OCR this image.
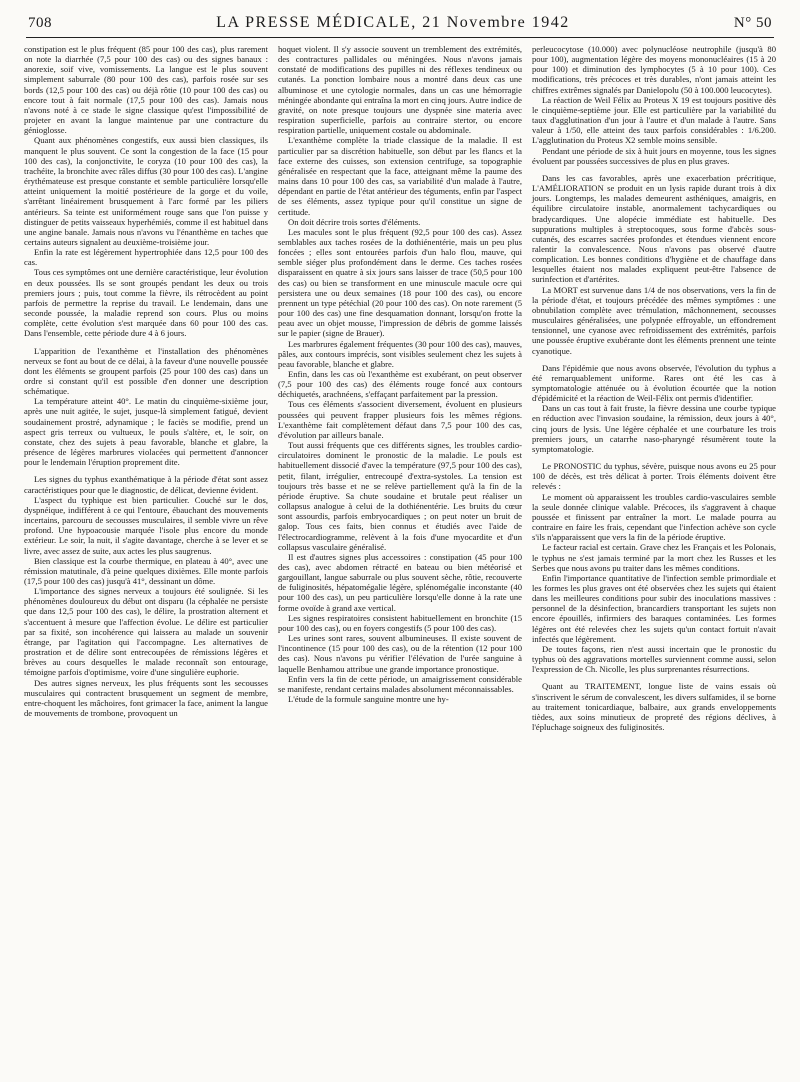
708	LA PRESSE MÉDICALE, 21 Novembre 1942	N° 50

constipation est le plus fréquent (85 pour 100 des cas), plus rarement on note la diarrhée (7,5 pour 100 des cas) ou des signes banaux : anorexie, soif vive, vomissements. La langue est le plus souvent simplement saburrale (80 pour 100 des cas), parfois rosée sur ses bords (12,5 pour 100 des cas) ou déjà rôtie (10 pour 100 des cas) ou encore tout à fait normale (17,5 pour 100 des cas). Jamais nous n'avons noté à ce stade le signe classique qu'est l'impossibilité de projeter en avant la langue maintenue par une contracture du génioglosse.

Quant aux phénomènes congestifs, eux aussi bien classiques, ils manquent le plus souvent. Ce sont la congestion de la face (15 pour 100 des cas), la conjonctivite, le coryza (10 pour 100 des cas), la trachéite, la bronchite avec râles diffus (30 pour 100 des cas). L'angine érythémateuse est presque constante et semble particulière lorsqu'elle atteint uniquement la moitié postérieure de la gorge et du voile, s'arrêtant linéairement brusquement à l'arc formé par les piliers antérieurs. Sa teinte est uniformément rouge sans que l'on puisse y distinguer de petits vaisseaux hyperhémiés, comme il est habituel dans une angine banale. Jamais nous n'avons vu l'énanthème en taches que certains auteurs signalent au deuxième-troisième jour.

Enfin la rate est légèrement hypertrophiée dans 12,5 pour 100 des cas.

Tous ces symptômes ont une dernière caractéristique, leur évolution en deux poussées. Ils se sont groupés pendant les deux ou trois premiers jours ; puis, tout comme la fièvre, ils rétrocèdent au point parfois de permettre la reprise du travail. Le lendemain, dans une seconde poussée, la maladie reprend son cours. Plus ou moins complète, cette évolution s'est marquée dans 60 pour 100 des cas. Dans l'ensemble, cette période dure 4 à 6 jours.

L'apparition de l'exanthème et l'installation des phénomènes nerveux se font au bout de ce délai, à la faveur d'une nouvelle poussée dont les éléments se groupent parfois (25 pour 100 des cas) dans un ordre si constant qu'il est possible d'en donner une description schématique.

La température atteint 40°. Le matin du cinquième-sixième jour, après une nuit agitée, le sujet, jusque-là simplement fatigué, devient soudainement prostré, adynamique ; le faciès se modifie, prend un aspect gris terreux ou vultueux, le pouls s'altère, et, le soir, on constate, chez des sujets à peau favorable, blanche et glabre, la présence de légères marbrures violacées qui permettent d'annoncer pour le lendemain l'éruption proprement dite.

Les signes du typhus exanthématique à la période d'état sont assez caractéristiques pour que le diagnostic, de délicat, devienne évident.

L'aspect du typhique est bien particulier. Couché sur le dos, dyspnéique, indifférent à ce qui l'entoure, ébauchant des mouvements incertains, parcouru de secousses musculaires, il semble vivre un rêve profond. Une hypoacousie marquée l'isole plus encore du monde extérieur. Le soir, la nuit, il s'agite davantage, cherche à se lever et se livre, avec assez de suite, aux actes les plus saugrenus.

Bien classique est la courbe thermique, en plateau à 40°, avec une rémission matutinale, d'à peine quelques dixièmes. Elle monte parfois (17,5 pour 100 des cas) jusqu'à 41°, dessinant un dôme.

L'importance des signes nerveux a toujours été soulignée. Si les phénomènes douloureux du début ont disparu (la céphalée ne persiste que dans 12,5 pour 100 des cas), le délire, la prostration alternent et s'accentuent à mesure que l'affection évolue. Le délire est particulier par sa fixité, son incohérence qui laissera au malade un souvenir étrange, par l'agitation qui l'accompagne. Les alternatives de prostration et de délire sont entrecoupées de rémissions légères et brèves au cours desquelles le malade reconnaît son entourage, témoigne parfois d'optimisme, voire d'une singulière euphorie.

Des autres signes nerveux, les plus fréquents sont les secousses musculaires qui contractent brusquement un segment de membre, entre-choquent les mâchoires, font grimacer la face, animent la langue de mouvements de trombone, provoquent un

hoquet violent. Il s'y associe souvent un tremblement des extrémités, des contractures pallidales ou méningées. Nous n'avons jamais constaté de modifications des pupilles ni des réflexes tendineux ou cutanés. La ponction lombaire nous a montré dans deux cas une albuminose et une cytologie normales, dans un cas une hémorragie méningée abondante qui entraîna la mort en cinq jours. Autre indice de gravité, on note presque toujours une dyspnée sine materia avec respiration superficielle, parfois au contraire stertor, ou encore respiration partielle, uniquement costale ou abdominale.

L'exanthème complète la triade classique de la maladie. Il est particulier par sa discrétion habituelle, son début par les flancs et la face externe des cuisses, son extension centrifuge, sa topographie généralisée en respectant que la face, atteignant même la paume des mains dans 10 pour 100 des cas, sa variabilité d'un malade à l'autre, dépendant en partie de l'état antérieur des téguments, enfin par l'aspect de ses éléments, assez typique pour qu'il constitue un signe de certitude.

On doit décrire trois sortes d'éléments.

Les macules sont le plus fréquent (92,5 pour 100 des cas). Assez semblables aux taches rosées de la dothiénentérie, mais un peu plus foncées ; elles sont entourées parfois d'un halo flou, mauve, qui semble siéger plus profondément dans le derme. Ces taches rosées disparaissent en quatre à six jours sans laisser de trace (50,5 pour 100 des cas) ou bien se transforment en une minuscule macule ocre qui persistera une ou deux semaines (18 pour 100 des cas), ou encore prennent un type pétéchial (20 pour 100 des cas). On note rarement (5 pour 100 des cas) une fine desquamation donnant, lorsqu'on frotte la peau avec un objet mousse, l'impression de débris de gomme laissés sur le papier (signe de Brauer).

Les marbrures également fréquentes (30 pour 100 des cas), mauves, pâles, aux contours imprécis, sont visibles seulement chez les sujets à peau favorable, blanche et glabre.

Enfin, dans les cas où l'exanthème est exubérant, on peut observer (7,5 pour 100 des cas) des éléments rouge foncé aux contours déchiquetés, arachnéens, s'effaçant parfaitement par la pression.

Tous ces éléments s'associent diversement, évoluent en plusieurs poussées qui peuvent frapper plusieurs fois les mêmes régions. L'exanthème fait complètement défaut dans 7,5 pour 100 des cas, d'évolution par ailleurs banale.

Tout aussi fréquents que ces différents signes, les troubles cardio-circulatoires dominent le pronostic de la maladie. Le pouls est habituellement dissocié d'avec la température (97,5 pour 100 des cas), petit, filant, irrégulier, entrecoupé d'extra-systoles. La tension est toujours très basse et ne se relève partiellement qu'à la fin de la période éruptive. Sa chute soudaine et brutale peut réaliser un collapsus analogue à celui de la dothiénentérie. Les bruits du cœur sont assourdis, parfois embryocardiques ; on peut noter un bruit de galop. Tous ces faits, bien connus et étudiés avec l'aide de l'électrocardiogramme, relèvent à la fois d'une myocardite et d'un collapsus vasculaire généralisé.

Il est d'autres signes plus accessoires : constipation (45 pour 100 des cas), avec abdomen rétracté en bateau ou bien météorisé et gargouillant, langue saburrale ou plus souvent sèche, rôtie, recouverte de fuliginosités, hépatomégalie légère, splénomégalie inconstante (40 pour 100 des cas), un peu particulière lorsqu'elle donne à la rate une forme ovoïde à grand axe vertical.

Les signes respiratoires consistent habituellement en bronchite (15 pour 100 des cas), ou en foyers congestifs (5 pour 100 des cas).

Les urines sont rares, souvent albumineuses. Il existe souvent de l'incontinence (15 pour 100 des cas), ou de la rétention (12 pour 100 des cas). Nous n'avons pu vérifier l'élévation de l'urée sanguine à laquelle Benhamou attribue une grande importance pronostique.

Enfin vers la fin de cette période, un amaigrissement considérable se manifeste, rendant certains malades absolument méconnaissables.

L'étude de la formule sanguine montre une hy-

perleucocytose (10.000) avec polynucléose neutrophile (jusqu'à 80 pour 100), augmentation légère des moyens mononucléaires (15 à 20 pour 100) et diminution des lymphocytes (5 à 10 pour 100). Ces modifications, très précoces et très durables, n'ont jamais atteint les chiffres extrêmes signalés par Danielopolu (50 à 100.000 leucocytes).

La réaction de Weil Félix au Proteus X 19 est toujours positive dès le cinquième-septième jour. Elle est particulière par la variabilité du taux d'agglutination d'un jour à l'autre et d'un malade à l'autre. Sans valeur à 1/50, elle atteint des taux parfois considérables : 1/6.200. L'agglutination du Proteus X2 semble moins sensible.

Pendant une période de six à huit jours en moyenne, tous les signes évoluent par poussées successives de plus en plus graves.

Dans les cas favorables, après une exacerbation précritique, L'AMÉLIORATION se produit en un lysis rapide durant trois à dix jours. Longtemps, les malades demeurent asthéniques, amaigris, en équilibre circulatoire instable, anormalement tachycardiques ou bradycardiques. Une alopécie immédiate est habituelle. Des suppurations multiples à streptocoques, sous forme d'abcès sous-cutanés, des escarres sacrées profondes et étendues viennent encore ralentir la convalescence. Nous n'avons pas observé d'autre complication. Les bonnes conditions d'hygiène et de chauffage dans lesquelles étaient nos malades expliquent peut-être l'absence de surinfection et d'artérites.

La MORT est survenue dans 1/4 de nos observations, vers la fin de la période d'état, et toujours précédée des mêmes symptômes : une obnubilation complète avec trémulation, mâchonnement, secousses musculaires généralisées, une polypnée effroyable, un effondrement tensionnel, une cyanose avec refroidissement des extrémités, parfois une poussée éruptive exubérante dont les éléments prennent une teinte cyanotique.

Dans l'épidémie que nous avons observée, l'évolution du typhus a été remarquablement uniforme. Rares ont été les cas à symptomatologie atténuée ou à évolution écourtée que la notion d'épidémicité et la réaction de Weil-Félix ont permis d'identifier.

Dans un cas tout à fait fruste, la fièvre dessina une courbe typique en réduction avec l'invasion soudaine, la rémission, deux jours à 40°, cinq jours de lysis. Une légère céphalée et une courbature les trois premiers jours, un catarrhe naso-pharyngé résumèrent toute la symptomatologie.

Le PRONOSTIC du typhus, sévère, puisque nous avons eu 25 pour 100 de décès, est très délicat à porter. Trois éléments doivent être relevés :

Le moment où apparaissent les troubles cardio-vasculaires semble la seule donnée clinique valable. Précoces, ils s'aggravent à chaque poussée et finissent par entraîner la mort. Le malade pourra au contraire en faire les frais, cependant que l'infection achève son cycle s'ils n'apparaissent que vers la fin de la période éruptive.

Le facteur racial est certain. Grave chez les Français et les Polonais, le typhus ne s'est jamais terminé par la mort chez les Russes et les Serbes que nous avons pu traiter dans les mêmes conditions.

Enfin l'importance quantitative de l'infection semble primordiale et les formes les plus graves ont été observées chez les sujets qui étaient dans les meilleures conditions pour subir des inoculations massives : personnel de la désinfection, brancardiers transportant les sujets non encore épouillés, infirmiers des baraques contaminées. Les formes légères ont été relevées chez les sujets qu'un contact fortuit n'avait infectés que légèrement.

De toutes façons, rien n'est aussi incertain que le pronostic du typhus où des aggravations mortelles surviennent comme aussi, selon l'expression de Ch. Nicolle, les plus surprenantes résurrections.

Quant au TRAITEMENT, longue liste de vains essais où s'inscrivent le sérum de convalescent, les divers sulfamides, il se borne au traitement tonicardiaque, balbaire, aux grands enveloppements tièdes, aux soins minutieux de propreté des régions déclives, à l'épluchage soigneux des fuliginosités.
